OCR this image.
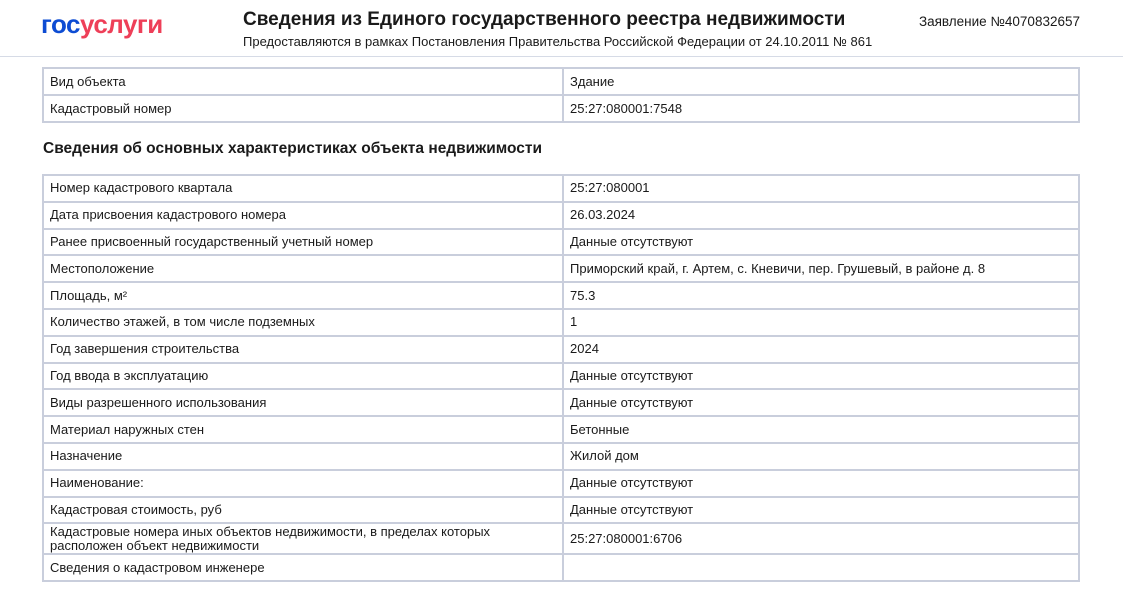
госуслуги	Сведения из Единого государственного реестра недвижимости
Предоставляются в рамках Постановления Правительства Российской Федерации от 24.10.2011 № 861
Заявление №4070832657
Вид объекта	Здание
Кадастровый номер	25:27:080001:7548
Сведения об основных характеристиках объекта недвижимости
Номер кадастрового квартала	25:27:080001
Дата присвоения кадастрового номера	26.03.2024
Ранее присвоенный государственный учетный номер	Данные отсутствуют
Местоположение	Приморский край, г. Артем, с. Кневичи, пер. Грушевый, в районе д. 8
Площадь, м²	75.3
Количество этажей, в том числе подземных	1
Год завершения строительства	2024
Год ввода в эксплуатацию	Данные отсутствуют
Виды разрешенного использования	Данные отсутствуют
Материал наружных стен	Бетонные
Назначение	Жилой дом
Наименование:	Данные отсутствуют
Кадастровая стоимость, руб	Данные отсутствуют
Кадастровые номера иных объектов недвижимости, в пределах которых расположен объект недвижимости	25:27:080001:6706
Сведения о кадастровом инженере	
